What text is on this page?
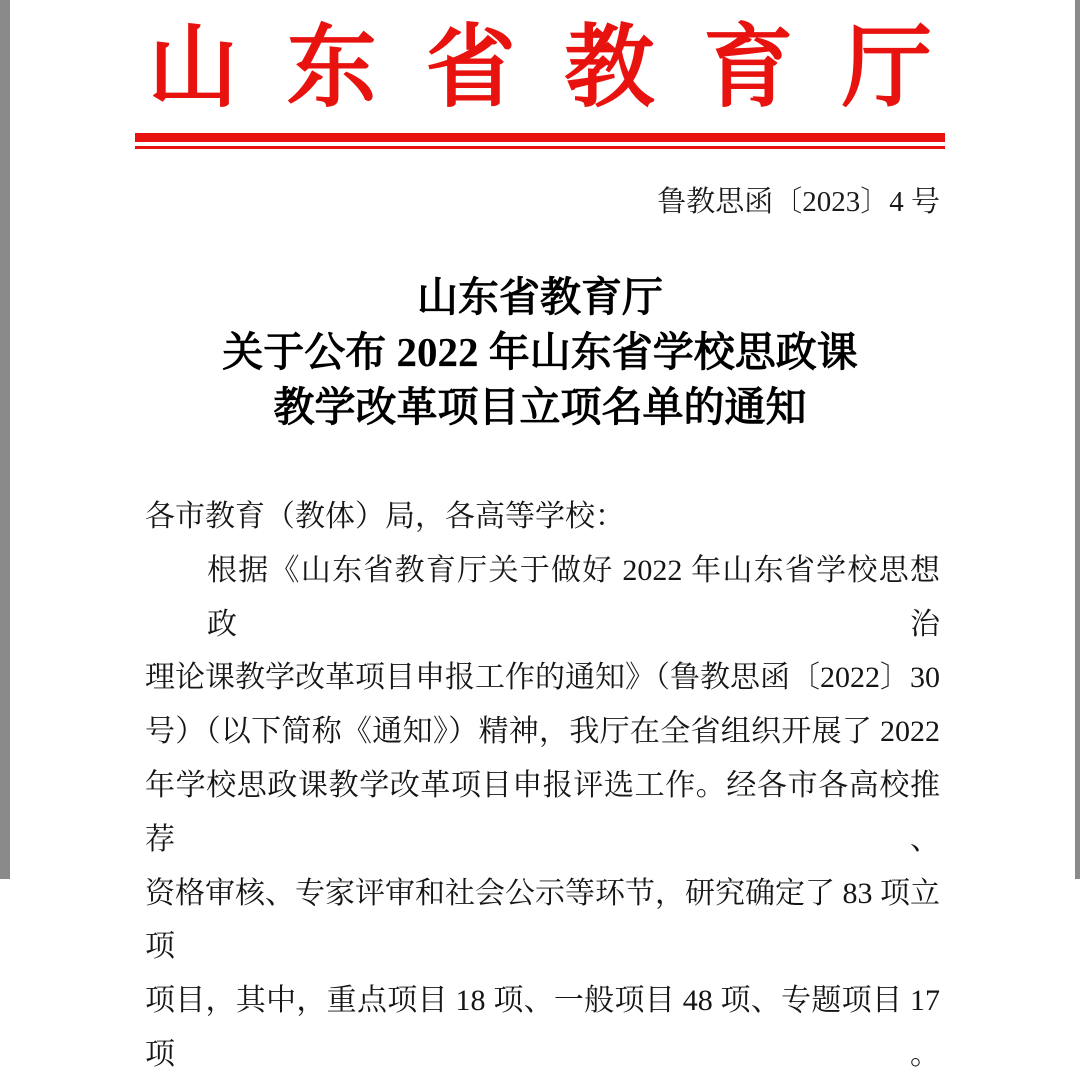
山 东 省 教 育 厅
鲁教思函〔2023〕4 号
山东省教育厅
关于公布 2022 年山东省学校思政课
教学改革项目立项名单的通知
各市教育（教体）局，各高等学校：
根据《山东省教育厅关于做好 2022 年山东省学校思想政治
理论课教学改革项目申报工作的通知》（鲁教思函〔2022〕30
号）（以下简称《通知》）精神，我厅在全省组织开展了 2022
年学校思政课教学改革项目申报评选工作。经各市各高校推荐、
资格审核、专家评审和社会公示等环节，研究确定了 83 项立项
项目，其中，重点项目 18 项、一般项目 48 项、专题项目 17 项。
